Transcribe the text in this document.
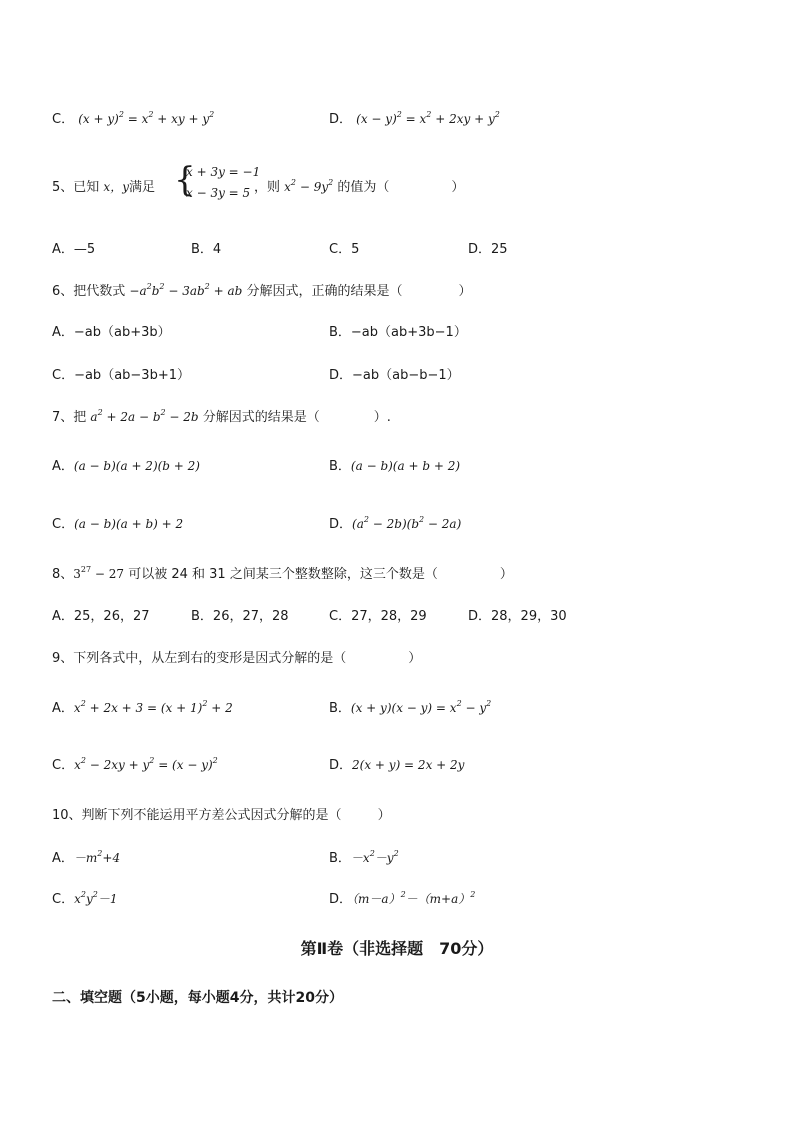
C． $(x + y)^2 = x^2$ + xy + $y^2$	D． $(x - y)^2 = x^2 + 2xy + y^2$
5、已知 x，y满足 {
x + 3y = −1
x − 3y = 5 ，则 $x^2 - 9y^2$ 的值为（	）
A．—5	B．4	C．5	D．25
6、把代数式 $-a^2b^2 - 3ab^2$ + ab 分解因式，正确的结果是（	）
A．−ab（ab+3b）	B．−ab（ab+3b−1）
C．−ab（ab−3b+1）	D．−ab（ab−b−1）
7、把 $a^2 + 2a - b^2 - 2b$ 分解因式的结果是（	）.
A．(a − b)(a + 2)(b + 2)	B．(a − b)(a + b + 2)
C．(a − b)(a + b) + 2	D．$(a^2 - 2b)(b^2 - 2a)$
8、$3^{27} - 27$ 可以被 24 和 31 之间某三个整数整除，这三个数是（	）
A．25，26，27	B．26，27，28	C．27，28，29	D．28，29，30
9、下列各式中，从左到右的变形是因式分解的是（	）
A．$x^2 + 2x + 3 = (x + 1)^2 + 2$	B．$(x + y)(x - y) = x^2 - y^2$
C．$x^2 - 2xy + y^2 = (x - y)^2$	D．2(x + y) = 2x + 2y
10、判断下列不能运用平方差公式因式分解的是（	）
A．$-m^2+4$	B．$-x^2-y^2$
C．$x^2y^2-1$	D．$(m-a)^2-(m+a)^2$
第Ⅱ卷（非选择题　70分）
二、填空题（5小题，每小题4分，共计20分）
